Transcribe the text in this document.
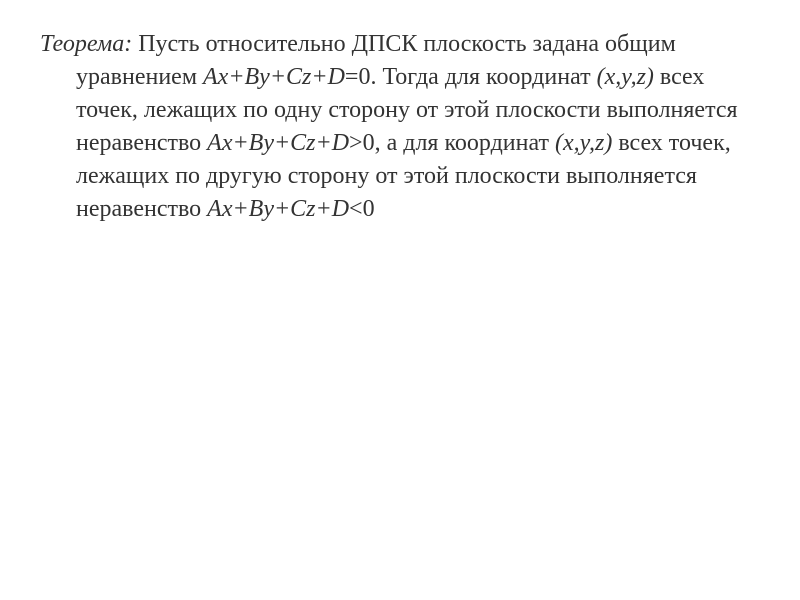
Теорема: Пусть относительно ДПСК плоскость задана общим уравнением Ax+By+Cz+D=0. Тогда для координат (x,y,z) всех точек, лежащих по одну сторону от этой плоскости выполняется неравенство Ax+By+Cz+D>0, а для координат (x,y,z) всех точек, лежащих по другую сторону от этой плоскости выполняется неравенство Ax+By+Cz+D<0
